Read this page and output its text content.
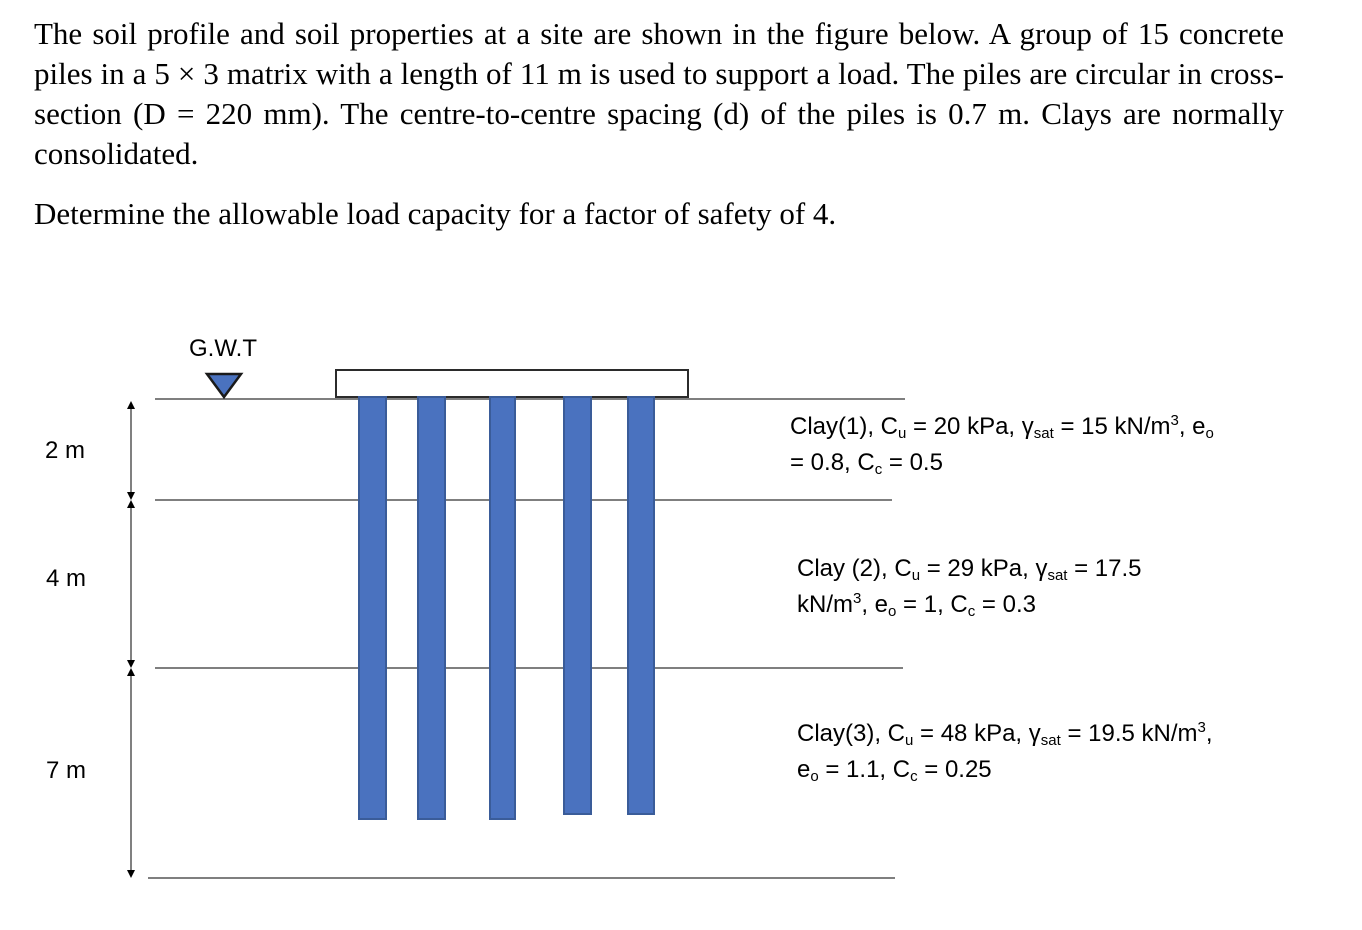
The soil profile and soil properties at a site are shown in the figure below. A group of 15 concrete piles in a 5 × 3 matrix with a length of 11 m is used to support a load. The piles are circular in cross-section (D = 220 mm). The centre-to-centre spacing (d) of the piles is 0.7 m. Clays are normally consolidated.

Determine the allowable load capacity for a factor of safety of 4.

G.W.T
2 m
4 m
7 m
Clay(1), $C_u = 20$ kPa, $\gamma_{sat} = 15$ $kN/m^3$, $e_o$
= 0.8, $C_c = 0.5$
Clay (2), $C_u = 29$ kPa, $\gamma_{sat} = 17.5$
$kN/m^3$, $e_o = 1$, $C_c = 0.3$
Clay(3), $C_u = 48$ kPa, $\gamma_{sat} = 19.5$ $kN/m^3$,
$e_o = 1.1$, $C_c = 0.25$
